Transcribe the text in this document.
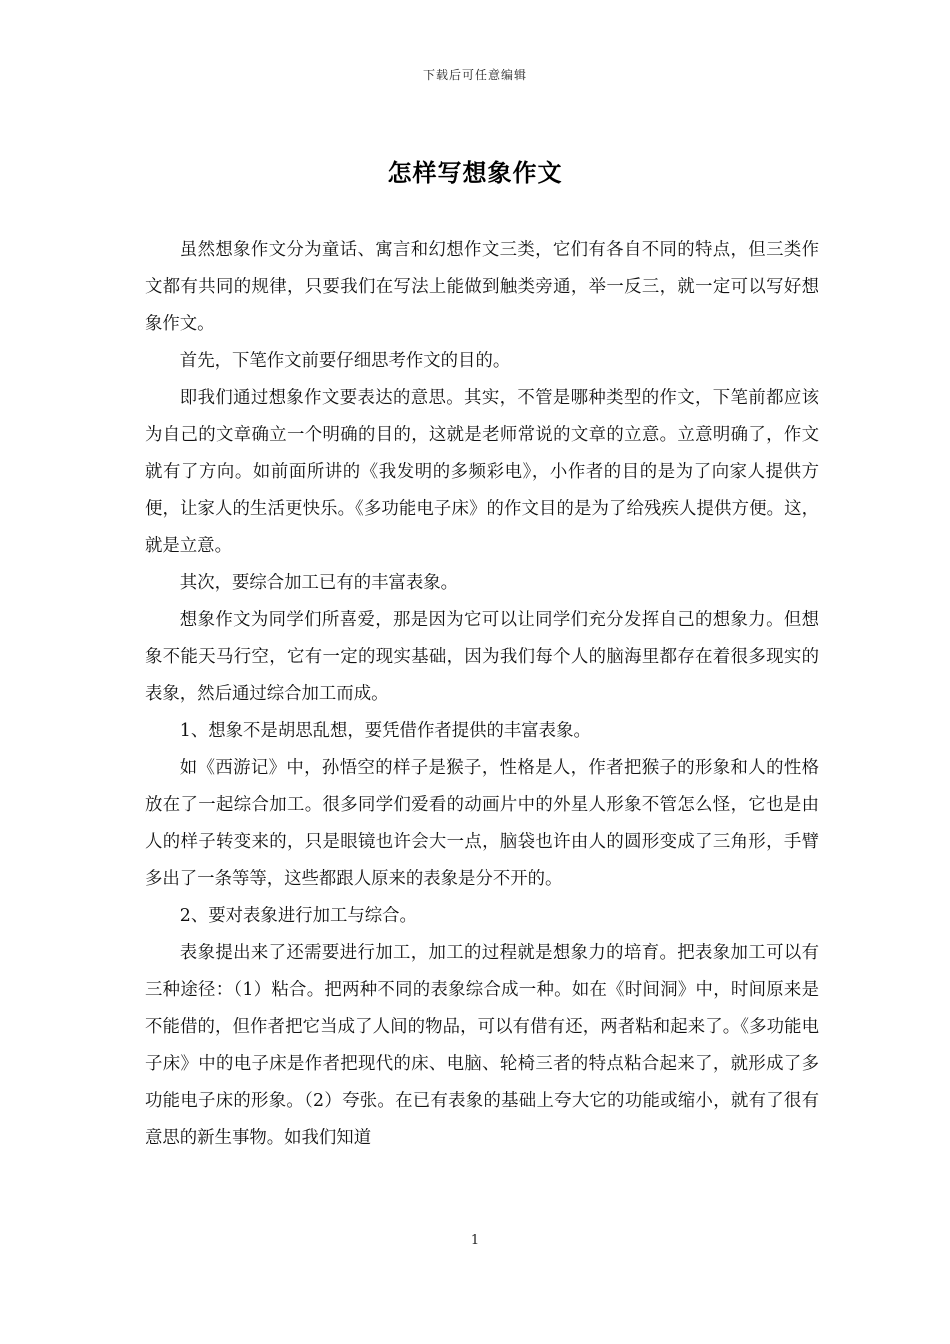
下载后可任意编辑
怎样写想象作文

虽然想象作文分为童话、寓言和幻想作文三类，它们有各自不同的特点，但三类作文都有共同的规律，只要我们在写法上能做到触类旁通，举一反三，就一定可以写好想象作文。

首先，下笔作文前要仔细思考作文的目的。

即我们通过想象作文要表达的意思。其实，不管是哪种类型的作文，下笔前都应该为自己的文章确立一个明确的目的，这就是老师常说的文章的立意。立意明确了，作文就有了方向。如前面所讲的《我发明的多频彩电》，小作者的目的是为了向家人提供方便，让家人的生活更快乐。《多功能电子床》的作文目的是为了给残疾人提供方便。这，就是立意。

其次，要综合加工已有的丰富表象。

想象作文为同学们所喜爱，那是因为它可以让同学们充分发挥自己的想象力。但想象不能天马行空，它有一定的现实基础，因为我们每个人的脑海里都存在着很多现实的表象，然后通过综合加工而成。

1、想象不是胡思乱想，要凭借作者提供的丰富表象。

如《西游记》中，孙悟空的样子是猴子，性格是人，作者把猴子的形象和人的性格放在了一起综合加工。很多同学们爱看的动画片中的外星人形象不管怎么怪，它也是由人的样子转变来的，只是眼镜也许会大一点，脑袋也许由人的圆形变成了三角形，手臂多出了一条等等，这些都跟人原来的表象是分不开的。

2、要对表象进行加工与综合。

表象提出来了还需要进行加工，加工的过程就是想象力的培育。把表象加工可以有三种途径：（1）粘合。把两种不同的表象综合成一种。如在《时间洞》中，时间原来是不能借的，但作者把它当成了人间的物品，可以有借有还，两者粘和起来了。《多功能电子床》中的电子床是作者把现代的床、电脑、轮椅三者的特点粘合起来了，就形成了多功能电子床的形象。（2）夸张。在已有表象的基础上夸大它的功能或缩小，就有了很有意思的新生事物。如我们知道

1
